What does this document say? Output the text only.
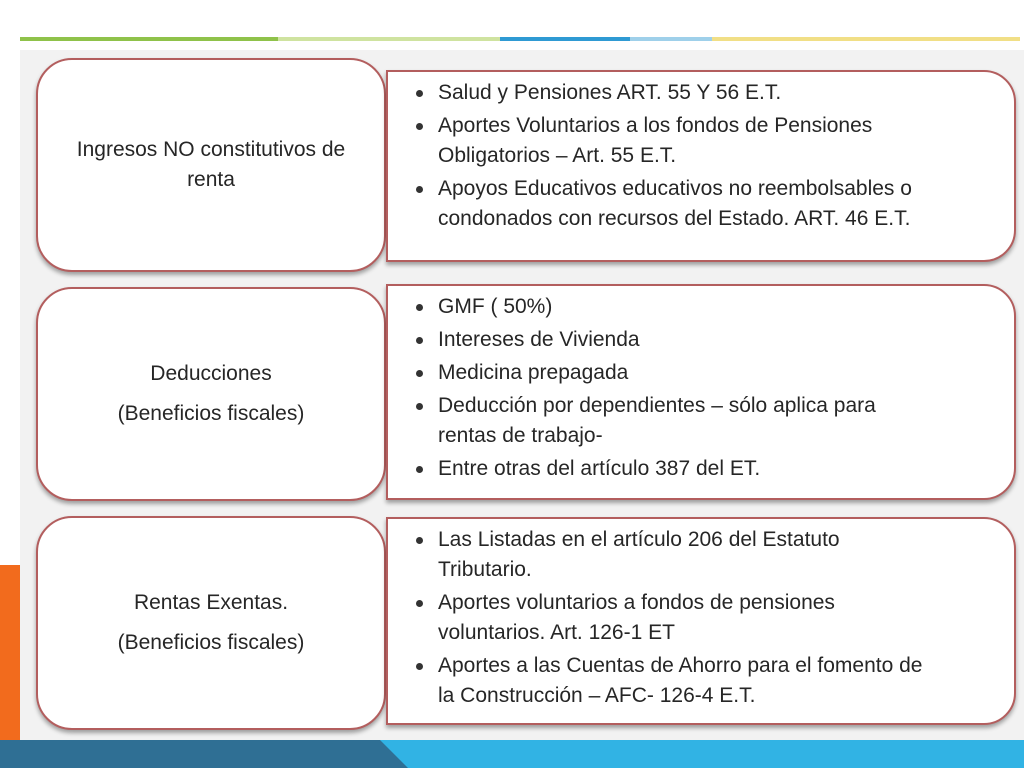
Ingresos NO constitutivos de
renta
Salud y Pensiones ART. 55 Y 56 E.T.
Aportes Voluntarios a los fondos de Pensiones
Obligatorios – Art. 55 E.T.
Apoyos Educativos educativos no reembolsables o
condonados con recursos del Estado. ART. 46 E.T.
Deducciones
(Beneficios fiscales)
GMF ( 50%)
Intereses de Vivienda
Medicina prepagada
Deducción por dependientes – sólo aplica para
rentas de trabajo-
Entre otras del artículo 387 del ET.
Rentas Exentas.
(Beneficios fiscales)
Las Listadas en el artículo 206 del Estatuto
Tributario.
Aportes voluntarios a fondos de pensiones
voluntarios. Art. 126-1 ET
Aportes a las Cuentas de Ahorro para el fomento de
la Construcción – AFC- 126-4 E.T.
